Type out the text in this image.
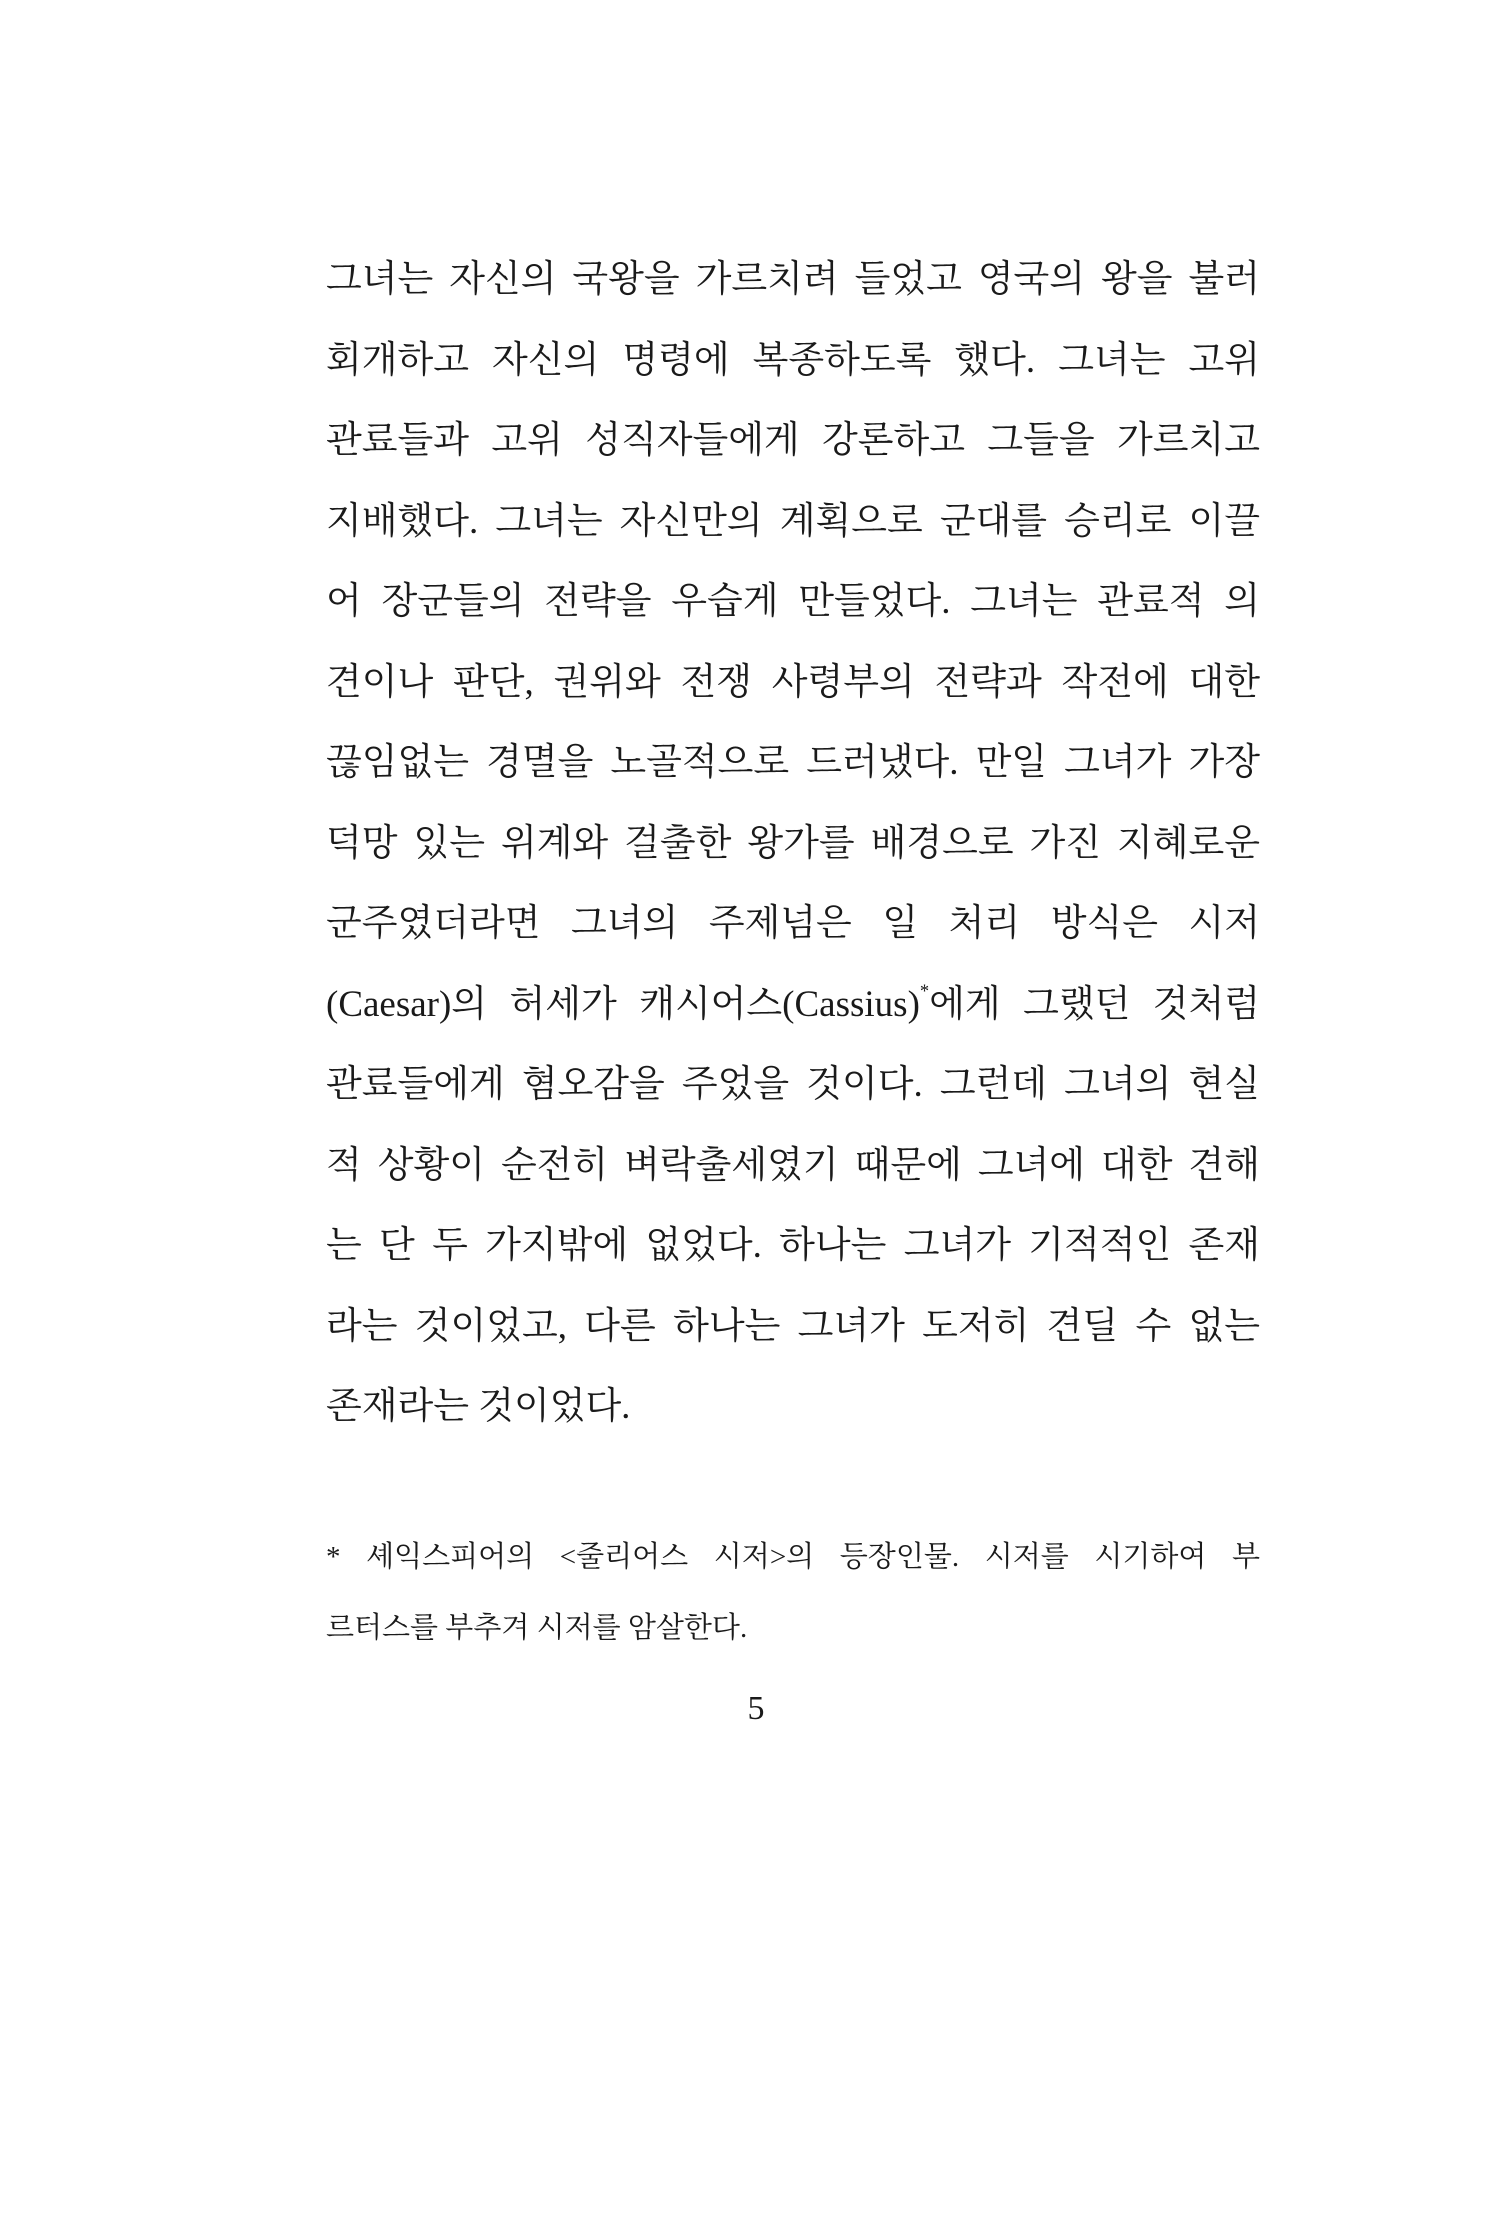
그녀는 자신의 국왕을 가르치려 들었고 영국의 왕을 불러
회개하고 자신의 명령에 복종하도록 했다. 그녀는 고위
관료들과 고위 성직자들에게 강론하고 그들을 가르치고
지배했다. 그녀는 자신만의 계획으로 군대를 승리로 이끌
어 장군들의 전략을 우습게 만들었다. 그녀는 관료적 의
견이나 판단, 권위와 전쟁 사령부의 전략과 작전에 대한
끊임없는 경멸을 노골적으로 드러냈다. 만일 그녀가 가장
덕망 있는 위계와 걸출한 왕가를 배경으로 가진 지혜로운
군주였더라면 그녀의 주제넘은 일 처리 방식은 시저
(Caesar)의 허세가 캐시어스(Cassius)*에게 그랬던 것처럼
관료들에게 혐오감을 주었을 것이다. 그런데 그녀의 현실
적 상황이 순전히 벼락출세였기 때문에 그녀에 대한 견해
는 단 두 가지밖에 없었다. 하나는 그녀가 기적적인 존재
라는 것이었고, 다른 하나는 그녀가 도저히 견딜 수 없는
존재라는 것이었다.
* 셰익스피어의 <줄리어스 시저>의 등장인물. 시저를 시기하여 부
르터스를 부추겨 시저를 암살한다.
5
